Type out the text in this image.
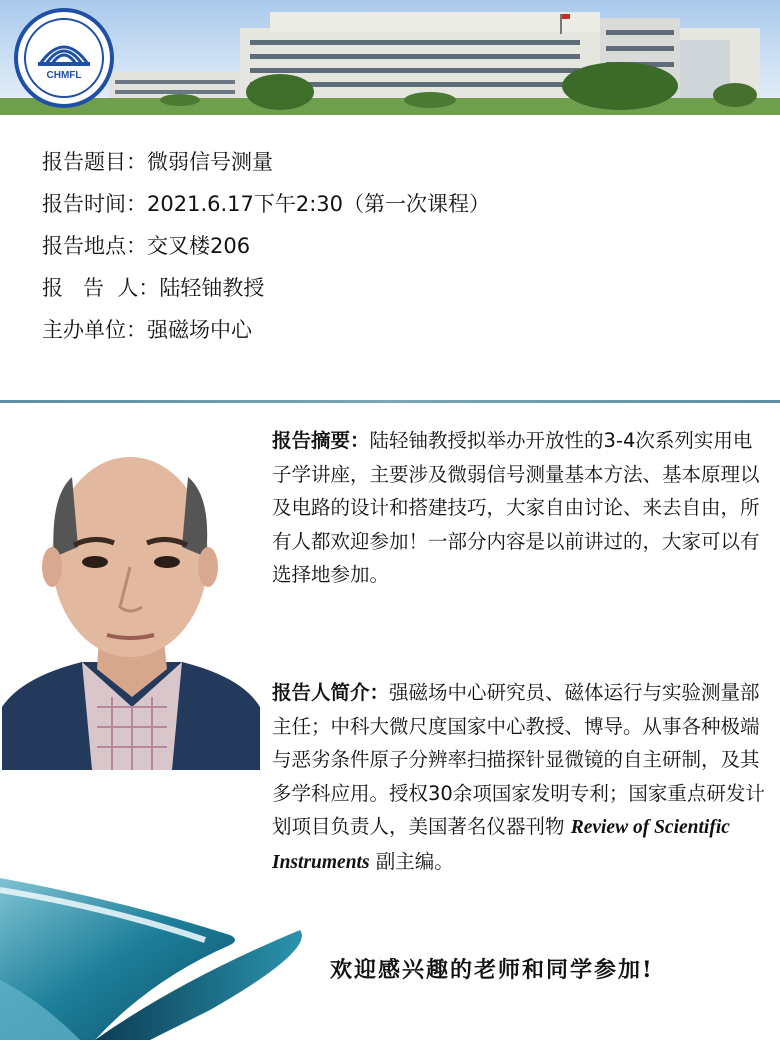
CHMFL
报告题目：微弱信号测量
报告时间：2021.6.17下午2:30（第一次课程）
报告地点：交叉楼206
报   告  人：陆轻铀教授
主办单位：强磁场中心
报告摘要：陆轻铀教授拟举办开放性的3-4次系列实用电子学讲座，主要涉及微弱信号测量基本方法、基本原理以及电路的设计和搭建技巧，大家自由讨论、来去自由，所有人都欢迎参加！一部分内容是以前讲过的，大家可以有选择地参加。
报告人简介：强磁场中心研究员、磁体运行与实验测量部主任；中科大微尺度国家中心教授、博导。从事各种极端与恶劣条件原子分辨率扫描探针显微镜的自主研制，及其多学科应用。授权30余项国家发明专利；国家重点研发计划项目负责人，美国著名仪器刊物 Review of Scientific Instruments 副主编。
欢迎感兴趣的老师和同学参加!
